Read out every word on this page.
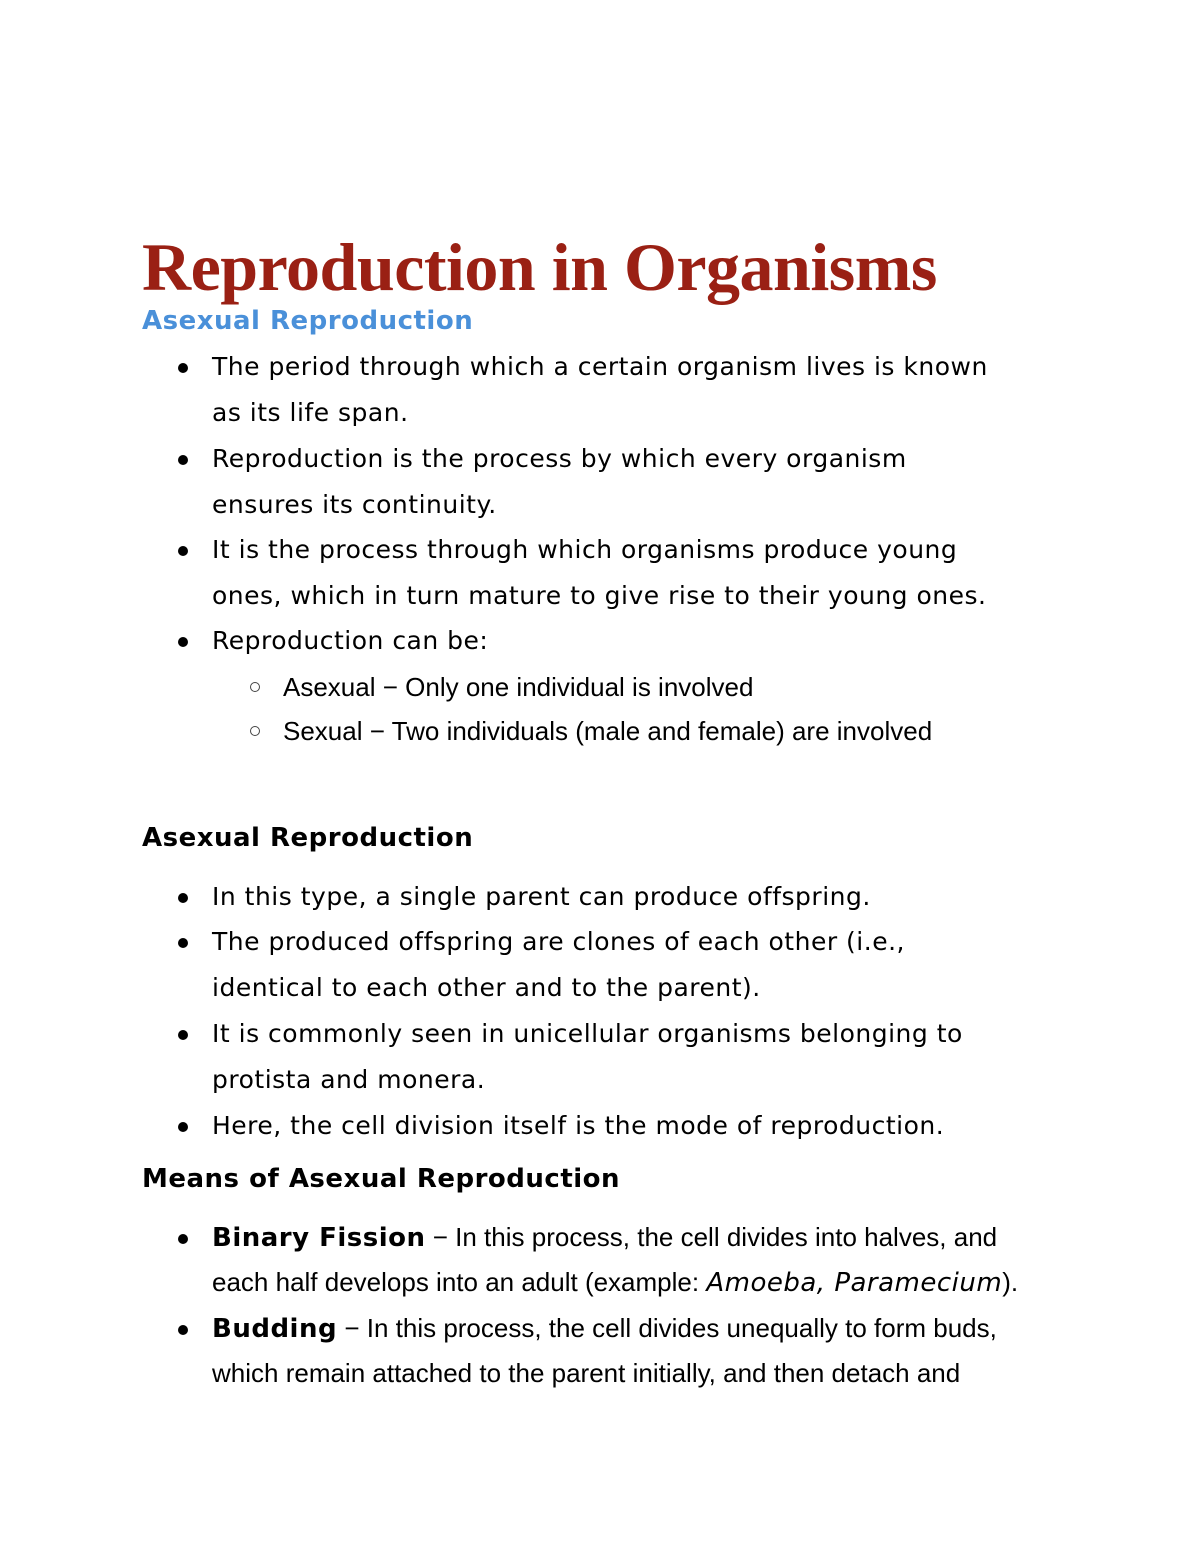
Reproduction in Organisms
Asexual Reproduction
The period through which a certain organism lives is known
as its life span.
Reproduction is the process by which every organism
ensures its continuity.
It is the process through which organisms produce young
ones, which in turn mature to give rise to their young ones.
Reproduction can be:
Asexual − Only one individual is involved
Sexual − Two individuals (male and female) are involved
Asexual Reproduction
In this type, a single parent can produce offspring.
The produced offspring are clones of each other (i.e.,
identical to each other and to the parent).
It is commonly seen in unicellular organisms belonging to
protista and monera.
Here, the cell division itself is the mode of reproduction.
Means of Asexual Reproduction
Binary Fission − In this process, the cell divides into halves, and
each half develops into an adult (example: Amoeba, Paramecium).
Budding − In this process, the cell divides unequally to form buds,
which remain attached to the parent initially, and then detach and
